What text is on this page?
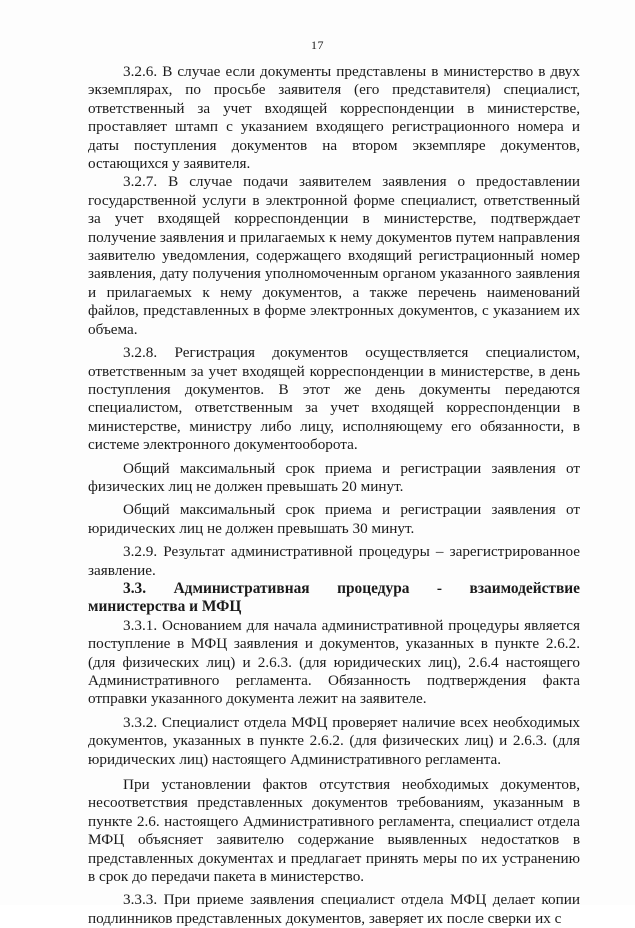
17

3.2.6. В случае если документы представлены в министерство в двух экземплярах, по просьбе заявителя (его представителя) специалист, ответственный за учет входящей корреспонденции в министерстве, проставляет штамп с указанием входящего регистрационного номера и даты поступления документов на втором экземпляре документов, остающихся у заявителя.

3.2.7. В случае подачи заявителем заявления о предоставлении государственной услуги в электронной форме специалист, ответственный за учет входящей корреспонденции в министерстве, подтверждает получение заявления и прилагаемых к нему документов путем направления заявителю уведомления, содержащего входящий регистрационный номер заявления, дату получения уполномоченным органом указанного заявления и прилагаемых к нему документов, а также перечень наименований файлов, представленных в форме электронных документов, с указанием их объема.

3.2.8. Регистрация документов осуществляется специалистом, ответственным за учет входящей корреспонденции в министерстве, в день поступления документов. В этот же день документы передаются специалистом, ответственным за учет входящей корреспонденции в министерстве, министру либо лицу, исполняющему его обязанности, в системе электронного документооборота.

Общий максимальный срок приема и регистрации заявления от физических лиц не должен превышать 20 минут.

Общий максимальный срок приема и регистрации заявления от юридических лиц не должен превышать 30 минут.

3.2.9. Результат административной процедуры – зарегистрированное заявление.

3.3. Административная процедура - взаимодействие министерства и МФЦ

3.3.1. Основанием для начала административной процедуры является поступление в МФЦ заявления и документов, указанных в пункте 2.6.2. (для физических лиц) и 2.6.3. (для юридических лиц), 2.6.4 настоящего Административного регламента. Обязанность подтверждения факта отправки указанного документа лежит на заявителе.

3.3.2. Специалист отдела МФЦ проверяет наличие всех необходимых документов, указанных в пункте 2.6.2. (для физических лиц) и 2.6.3. (для юридических лиц) настоящего Административного регламента.

При установлении фактов отсутствия необходимых документов, несоответствия представленных документов требованиям, указанным в пункте 2.6. настоящего Административного регламента, специалист отдела МФЦ объясняет заявителю содержание выявленных недостатков в представленных документах и предлагает принять меры по их устранению в срок до передачи пакета в министерство.

3.3.3. При приеме заявления специалист отдела МФЦ делает копии подлинников представленных документов, заверяет их после сверки их с
